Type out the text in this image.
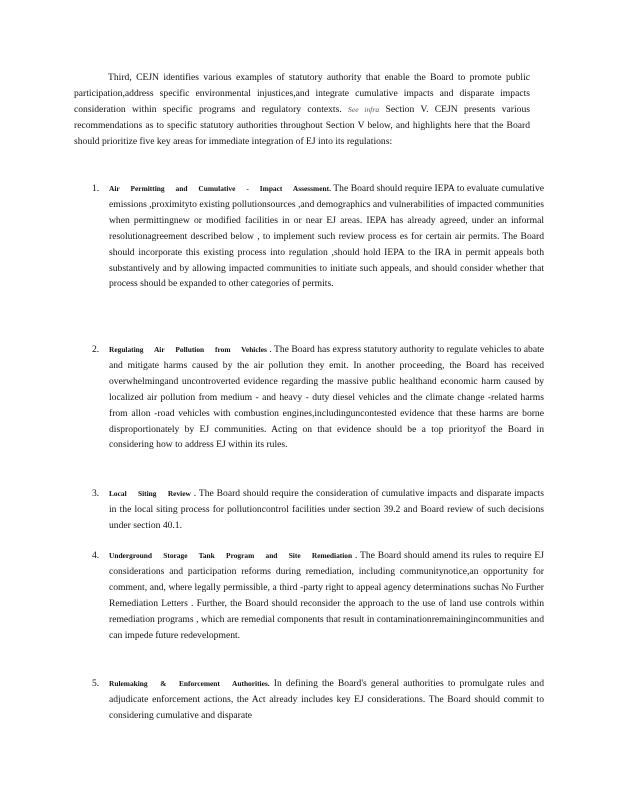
Third, CEJN identifies various examples of statutory authority that enable the Board to promote public participation,address specific environmental injustices,and integrate cumulative impacts and disparate impacts consideration within specific programs and regulatory contexts. See infra Section V. CEJN presents various recommendations as to specific statutory authorities throughout Section V below, and highlights here that the Board should prioritize five key areas for immediate integration of EJ into its regulations:
1.	Air Permitting and Cumulative - Impact Assessment. The Board should require IEPA to evaluate cumulative emissions ,proximityto existing pollutionsources ,and demographics and vulnerabilities of impacted communities when permittingnew or modified facilities in or near EJ areas. IEPA has already agreed, under an informal resolutionagreement described below , to implement such review process es for certain air permits. The Board should incorporate this existing process into regulation ,should hold IEPA to the IRA in permit appeals both substantively and by allowing impacted communities to initiate such appeals, and should consider whether that process should be expanded to other categories of permits.
2.	Regulating Air Pollution from Vehicles . The Board has express statutory authority to regulate vehicles to abate and mitigate harms caused by the air pollution they emit. In another proceeding, the Board has received overwhelmingand uncontroverted evidence regarding the massive public healthand economic harm caused by localized air pollution from medium - and heavy - duty diesel vehicles and the climate change -related harms from allon -road vehicles with combustion engines,includinguncontested evidence that these harms are borne disproportionately by EJ communities. Acting on that evidence should be a top priorityof the Board in considering how to address EJ within its rules.
3.	Local Siting Review . The Board should require the consideration of cumulative impacts and disparate impacts in the local siting process for pollutioncontrol facilities under section 39.2 and Board review of such decisions under section 40.1.
4.	Underground Storage Tank Program and Site Remediation . The Board should amend its rules to require EJ considerations and participation reforms during remediation, including communitynotice,an opportunity for comment, and, where legally permissible, a third -party right to appeal agency determinations suchas No Further Remediation Letters . Further, the Board should reconsider the approach to the use of land use controls within remediation programs , which are remedial components that result in contaminationremainingincommunities and can impede future redevelopment.
5.	Rulemaking & Enforcement Authorities. In defining the Board's general authorities to promulgate rules and adjudicate enforcement actions, the Act already includes key EJ considerations. The Board should commit to considering cumulative and disparate
